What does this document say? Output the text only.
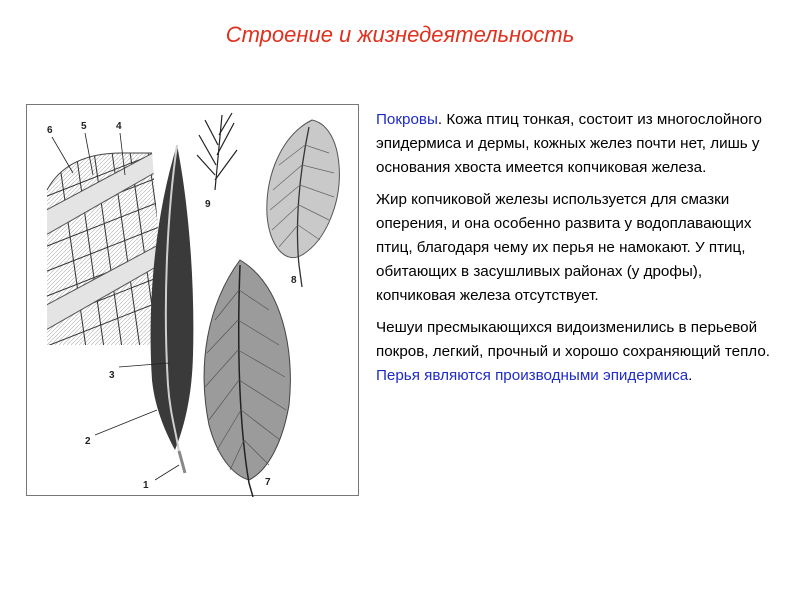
Строение и жизнедеятельность
1
2
3
4
5
6
7
8
9

Покровы. Кожа птиц тонкая, состоит из многослойного эпидермиса и дермы, кожных желез почти нет, лишь у основания хвоста имеется копчиковая железа.

Жир копчиковой железы используется для смазки оперения, и она особенно развита у водоплавающих птиц, благодаря чему их перья не намокают. У птиц, обитающих в засушливых районах (у дрофы), копчиковая железа отсутствует.

Чешуи пресмыкающихся видоизменились в перьевой покров, легкий, прочный и хорошо сохраняющий тепло. Перья являются производными эпидермиса.
